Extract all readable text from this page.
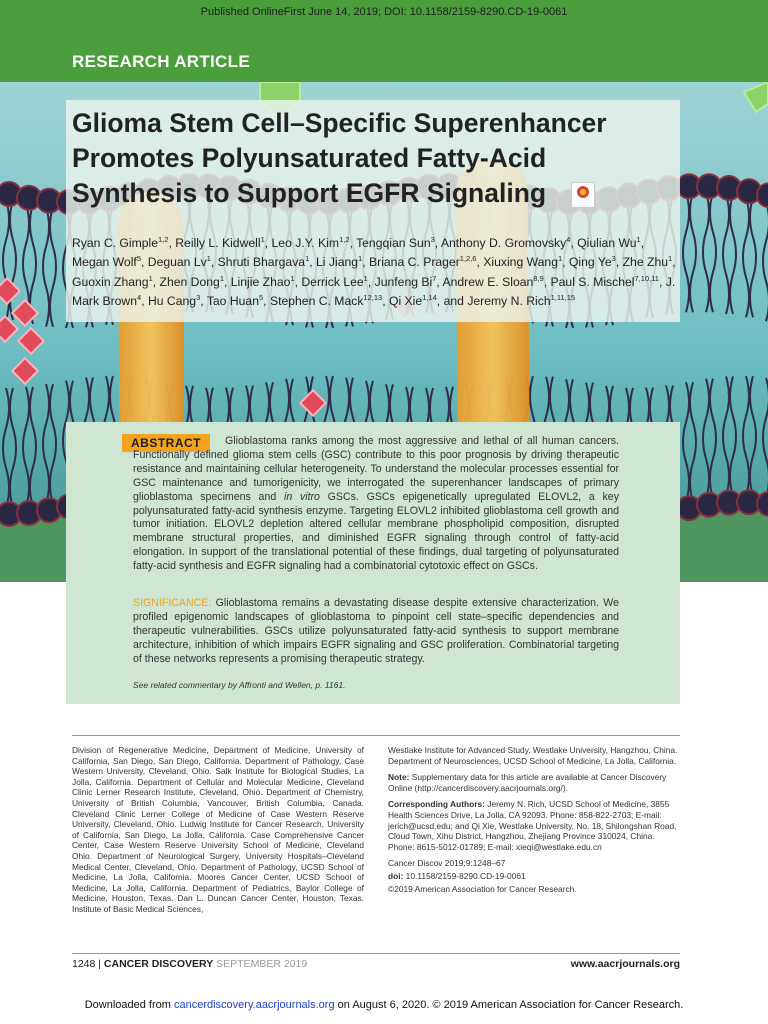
Published OnlineFirst June 14, 2019; DOI: 10.1158/2159-8290.CD-19-0061
RESEARCH ARTICLE
Glioma Stem Cell–Specific Superenhancer
Promotes Polyunsaturated Fatty-Acid
Synthesis to Support EGFR Signaling
Ryan C. Gimple$^{1,2}$, Reilly L. Kidwell$^1$, Leo J.Y. Kim$^{1,2}$, Tengqian Sun$^3$, Anthony D. Gromovsky$^4$, Qiulian Wu$^1$, Megan Wolf$^5$, Deguan Lv$^1$, Shruti Bhargava$^1$, Li Jiang$^1$, Briana C. Prager$^{1,2,6}$, Xiuxing Wang$^1$, Qing Ye$^3$, Zhe Zhu$^1$, Guoxin Zhang$^1$, Zhen Dong$^1$, Linjie Zhao$^1$, Derrick Lee$^1$, Junfeng Bi$^7$, Andrew E. Sloan$^{8,9}$, Paul S. Mischel$^{7,10,11}$, J. Mark Brown$^4$, Hu Cang$^3$, Tao Huan$^5$, Stephen C. Mack$^{12,13}$, Qi Xie$^{1,14}$, and Jeremy N. Rich$^{1,11,15}$
ABSTRACT	Glioblastoma ranks among the most aggressive and lethal of all human cancers. Functionally defined glioma stem cells (GSC) contribute to this poor prognosis by driving therapeutic resistance and maintaining cellular heterogeneity. To understand the molecular processes essential for GSC maintenance and tumorigenicity, we interrogated the superenhancer landscapes of primary glioblastoma specimens and in vitro GSCs. GSCs epigenetically upregulated ELOVL2, a key polyunsaturated fatty-acid synthesis enzyme. Targeting ELOVL2 inhibited glioblastoma cell growth and tumor initiation. ELOVL2 depletion altered cellular membrane phospholipid composition, disrupted membrane structural properties, and diminished EGFR signaling through control of fatty-acid elongation. In support of the translational potential of these findings, dual targeting of polyunsaturated fatty-acid synthesis and EGFR signaling had a combinatorial cytotoxic effect on GSCs.
SIGNIFICANCE: Glioblastoma remains a devastating disease despite extensive characterization. We profiled epigenomic landscapes of glioblastoma to pinpoint cell state–specific dependencies and therapeutic vulnerabilities. GSCs utilize polyunsaturated fatty-acid synthesis to support membrane architecture, inhibition of which impairs EGFR signaling and GSC proliferation. Combinatorial targeting of these networks represents a promising therapeutic strategy.
See related commentary by Affronti and Wellen, p. 1161.
Division of Regenerative Medicine, Department of Medicine, University of California, San Diego, San Diego, California. Department of Pathology, Case Western University, Cleveland, Ohio. Salk Institute for Biological Studies, La Jolla, California. Department of Cellular and Molecular Medicine, Cleveland Clinic Lerner Research Institute, Cleveland, Ohio. Department of Chemistry, University of British Columbia, Vancouver, British Columbia, Canada. Cleveland Clinic Lerner College of Medicine of Case Western Reserve University, Cleveland, Ohio. Ludwig Institute for Cancer Research, University of California, San Diego, La Jolla, California. Case Comprehensive Cancer Center, Case Western Reserve University School of Medicine, Cleveland Ohio. Department of Neurological Surgery, University Hospitals–Cleveland Medical Center, Cleveland, Ohio. Department of Pathology, UCSD School of Medicine, La Jolla, California. Moores Cancer Center, UCSD School of Medicine, La Jolla, California. Department of Pediatrics, Baylor College of Medicine, Houston, Texas. Dan L. Duncan Cancer Center, Houston, Texas. Institute of Basic Medical Sciences,

Westlake Institute for Advanced Study, Westlake University, Hangzhou, China. Department of Neurosciences, UCSD School of Medicine, La Jolla, California.

Note: Supplementary data for this article are available at Cancer Discovery Online (http://cancerdiscovery.aacrjournals.org/).

Corresponding Authors: Jeremy N. Rich, UCSD School of Medicine, 3855 Health Sciences Drive, La Jolla, CA 92093. Phone: 858-822-2703; E-mail: jerich@ucsd.edu; and Qi Xie, Westlake University, No. 18, Shilongshan Road, Cloud Town, Xihu District, Hangzhou, Zhejiang Province 310024, China. Phone: 8615-5012-01789; E-mail: xieqi@westlake.edu.cn

Cancer Discov 2019;9:1248–67

doi: 10.1158/2159-8290.CD-19-0061

©2019 American Association for Cancer Research.

1248 | CANCER DISCOVERY SEPTEMBER 2019	www.aacrjournals.org
Downloaded from cancerdiscovery.aacrjournals.org on August 6, 2020. © 2019 American Association for Cancer Research.
